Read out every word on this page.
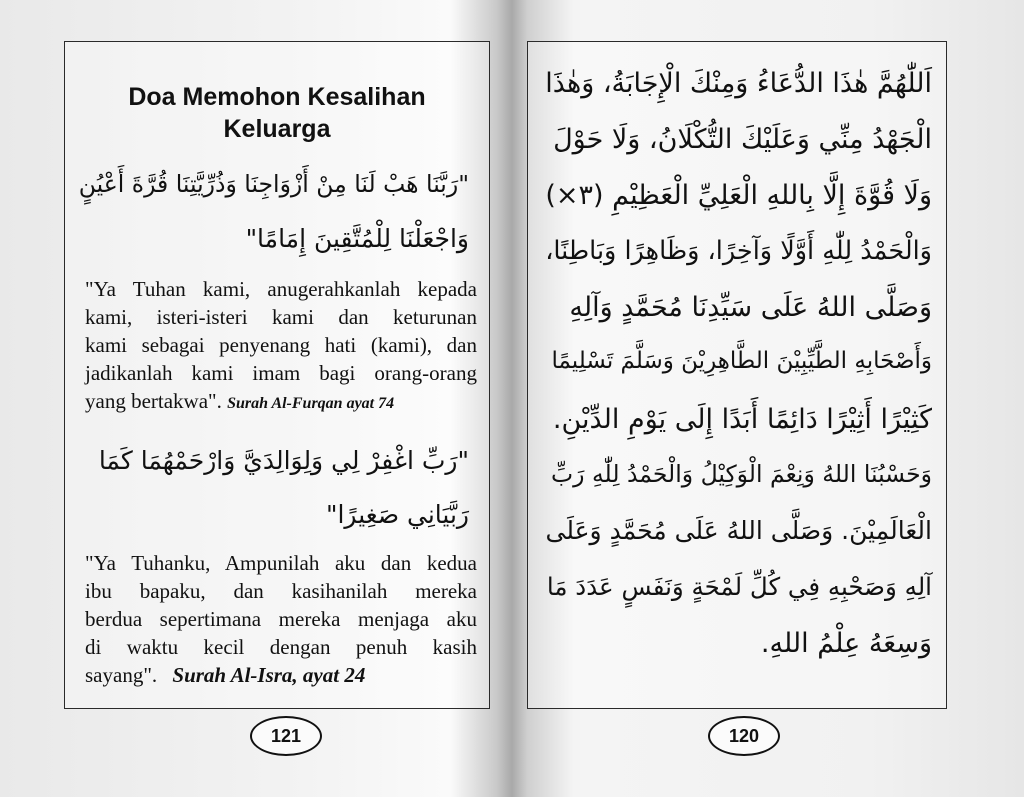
Doa Memohon Kesalihan
Keluarga
"رَبَّنَا هَبْ لَنَا مِنْ أَزْوَاجِنَا وَذُرِّيَّتِنَا قُرَّةَ أَعْيُنٍ
وَاجْعَلْنَا لِلْمُتَّقِينَ إِمَامًا"
"Ya Tuhan kami, anugerahkanlah kepada
kami, isteri-isteri kami dan keturunan
kami sebagai penyenang hati (kami), dan
jadikanlah kami imam bagi orang-orang
yang bertakwa". Surah Al-Furqan ayat 74
"رَبِّ اغْفِرْ لِي وَلِوَالِدَيَّ وَارْحَمْهُمَا كَمَا
رَبَّيَانِي صَغِيرًا"
"Ya Tuhanku, Ampunilah aku dan kedua
ibu bapaku, dan kasihanilah mereka
berdua sepertimana mereka menjaga aku
di waktu kecil dengan penuh kasih
sayang". Surah Al-Isra, ayat 24
121
اَللّٰهُمَّ هٰذَا الدُّعَاءُ وَمِنْكَ الْإِجَابَةُ، وَهٰذَا
الْجَهْدُ مِنِّي وَعَلَيْكَ التُّكْلَانُ، وَلَا حَوْلَ
وَلَا قُوَّةَ إِلَّا بِاللهِ الْعَلِيِّ الْعَظِيْمِ (٣×)
وَالْحَمْدُ لِلّٰهِ أَوَّلًا وَآخِرًا، وَظَاهِرًا وَبَاطِنًا،
وَصَلَّى اللهُ عَلَى سَيِّدِنَا مُحَمَّدٍ وَآلِهِ
وَأَصْحَابِهِ الطَّيِّبِيْنَ الطَّاهِرِيْنَ وَسَلَّمَ تَسْلِيمًا
كَثِيْرًا أَثِيْرًا دَائِمًا أَبَدًا إِلَى يَوْمِ الدِّيْنِ.
وَحَسْبُنَا اللهُ وَنِعْمَ الْوَكِيْلُ وَالْحَمْدُ لِلّٰهِ رَبِّ
الْعَالَمِيْنَ. وَصَلَّى اللهُ عَلَى مُحَمَّدٍ وَعَلَى
آلِهِ وَصَحْبِهِ فِي كُلِّ لَمْحَةٍ وَنَفَسٍ عَدَدَ مَا
وَسِعَهُ عِلْمُ اللهِ.
120
